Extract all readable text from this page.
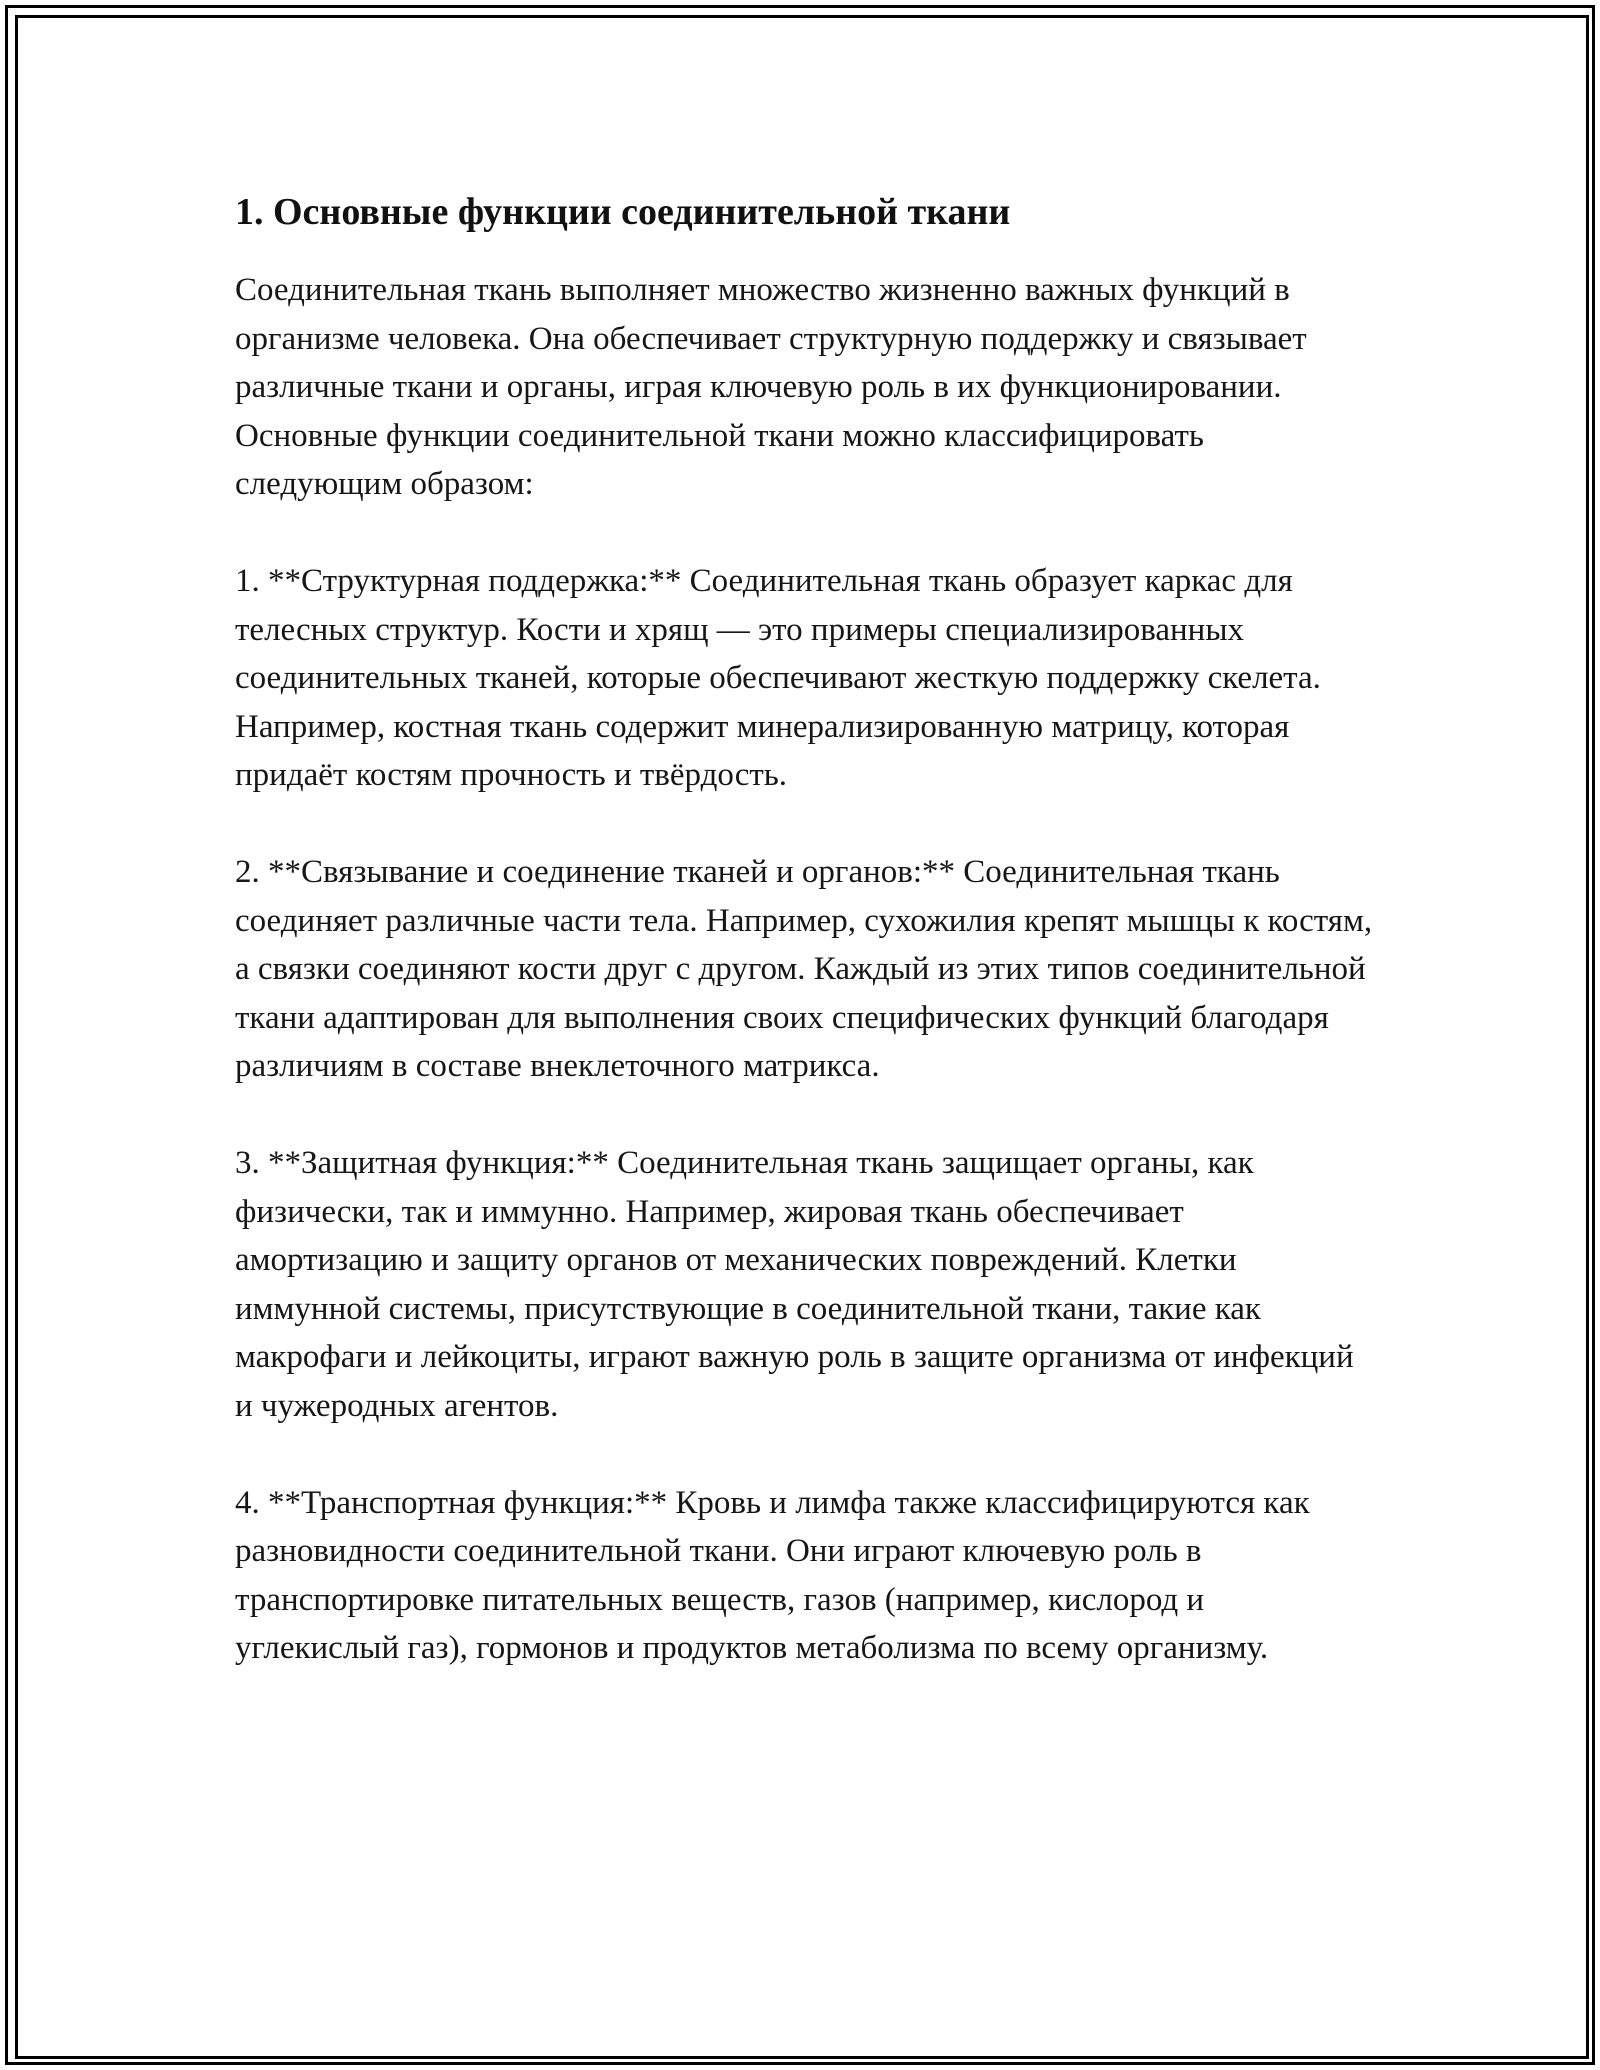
1. Основные функции соединительной ткани

Соединительная ткань выполняет множество жизненно важных функций в организме человека. Она обеспечивает структурную поддержку и связывает различные ткани и органы, играя ключевую роль в их функционировании. Основные функции соединительной ткани можно классифицировать следующим образом:

1. **Структурная поддержка:** Соединительная ткань образует каркас для телесных структур. Кости и хрящ — это примеры специализированных соединительных тканей, которые обеспечивают жесткую поддержку скелета. Например, костная ткань содержит минерализированную матрицу, которая придаёт костям прочность и твёрдость.

2. **Связывание и соединение тканей и органов:** Соединительная ткань соединяет различные части тела. Например, сухожилия крепят мышцы к костям, а связки соединяют кости друг с другом. Каждый из этих типов соединительной ткани адаптирован для выполнения своих специфических функций благодаря различиям в составе внеклеточного матрикса.

3. **Защитная функция:** Соединительная ткань защищает органы, как физически, так и иммунно. Например, жировая ткань обеспечивает амортизацию и защиту органов от механических повреждений. Клетки иммунной системы, присутствующие в соединительной ткани, такие как макрофаги и лейкоциты, играют важную роль в защите организма от инфекций и чужеродных агентов.

4. **Транспортная функция:** Кровь и лимфа также классифицируются как разновидности соединительной ткани. Они играют ключевую роль в транспортировке питательных веществ, газов (например, кислород и углекислый газ), гормонов и продуктов метаболизма по всему организму.
